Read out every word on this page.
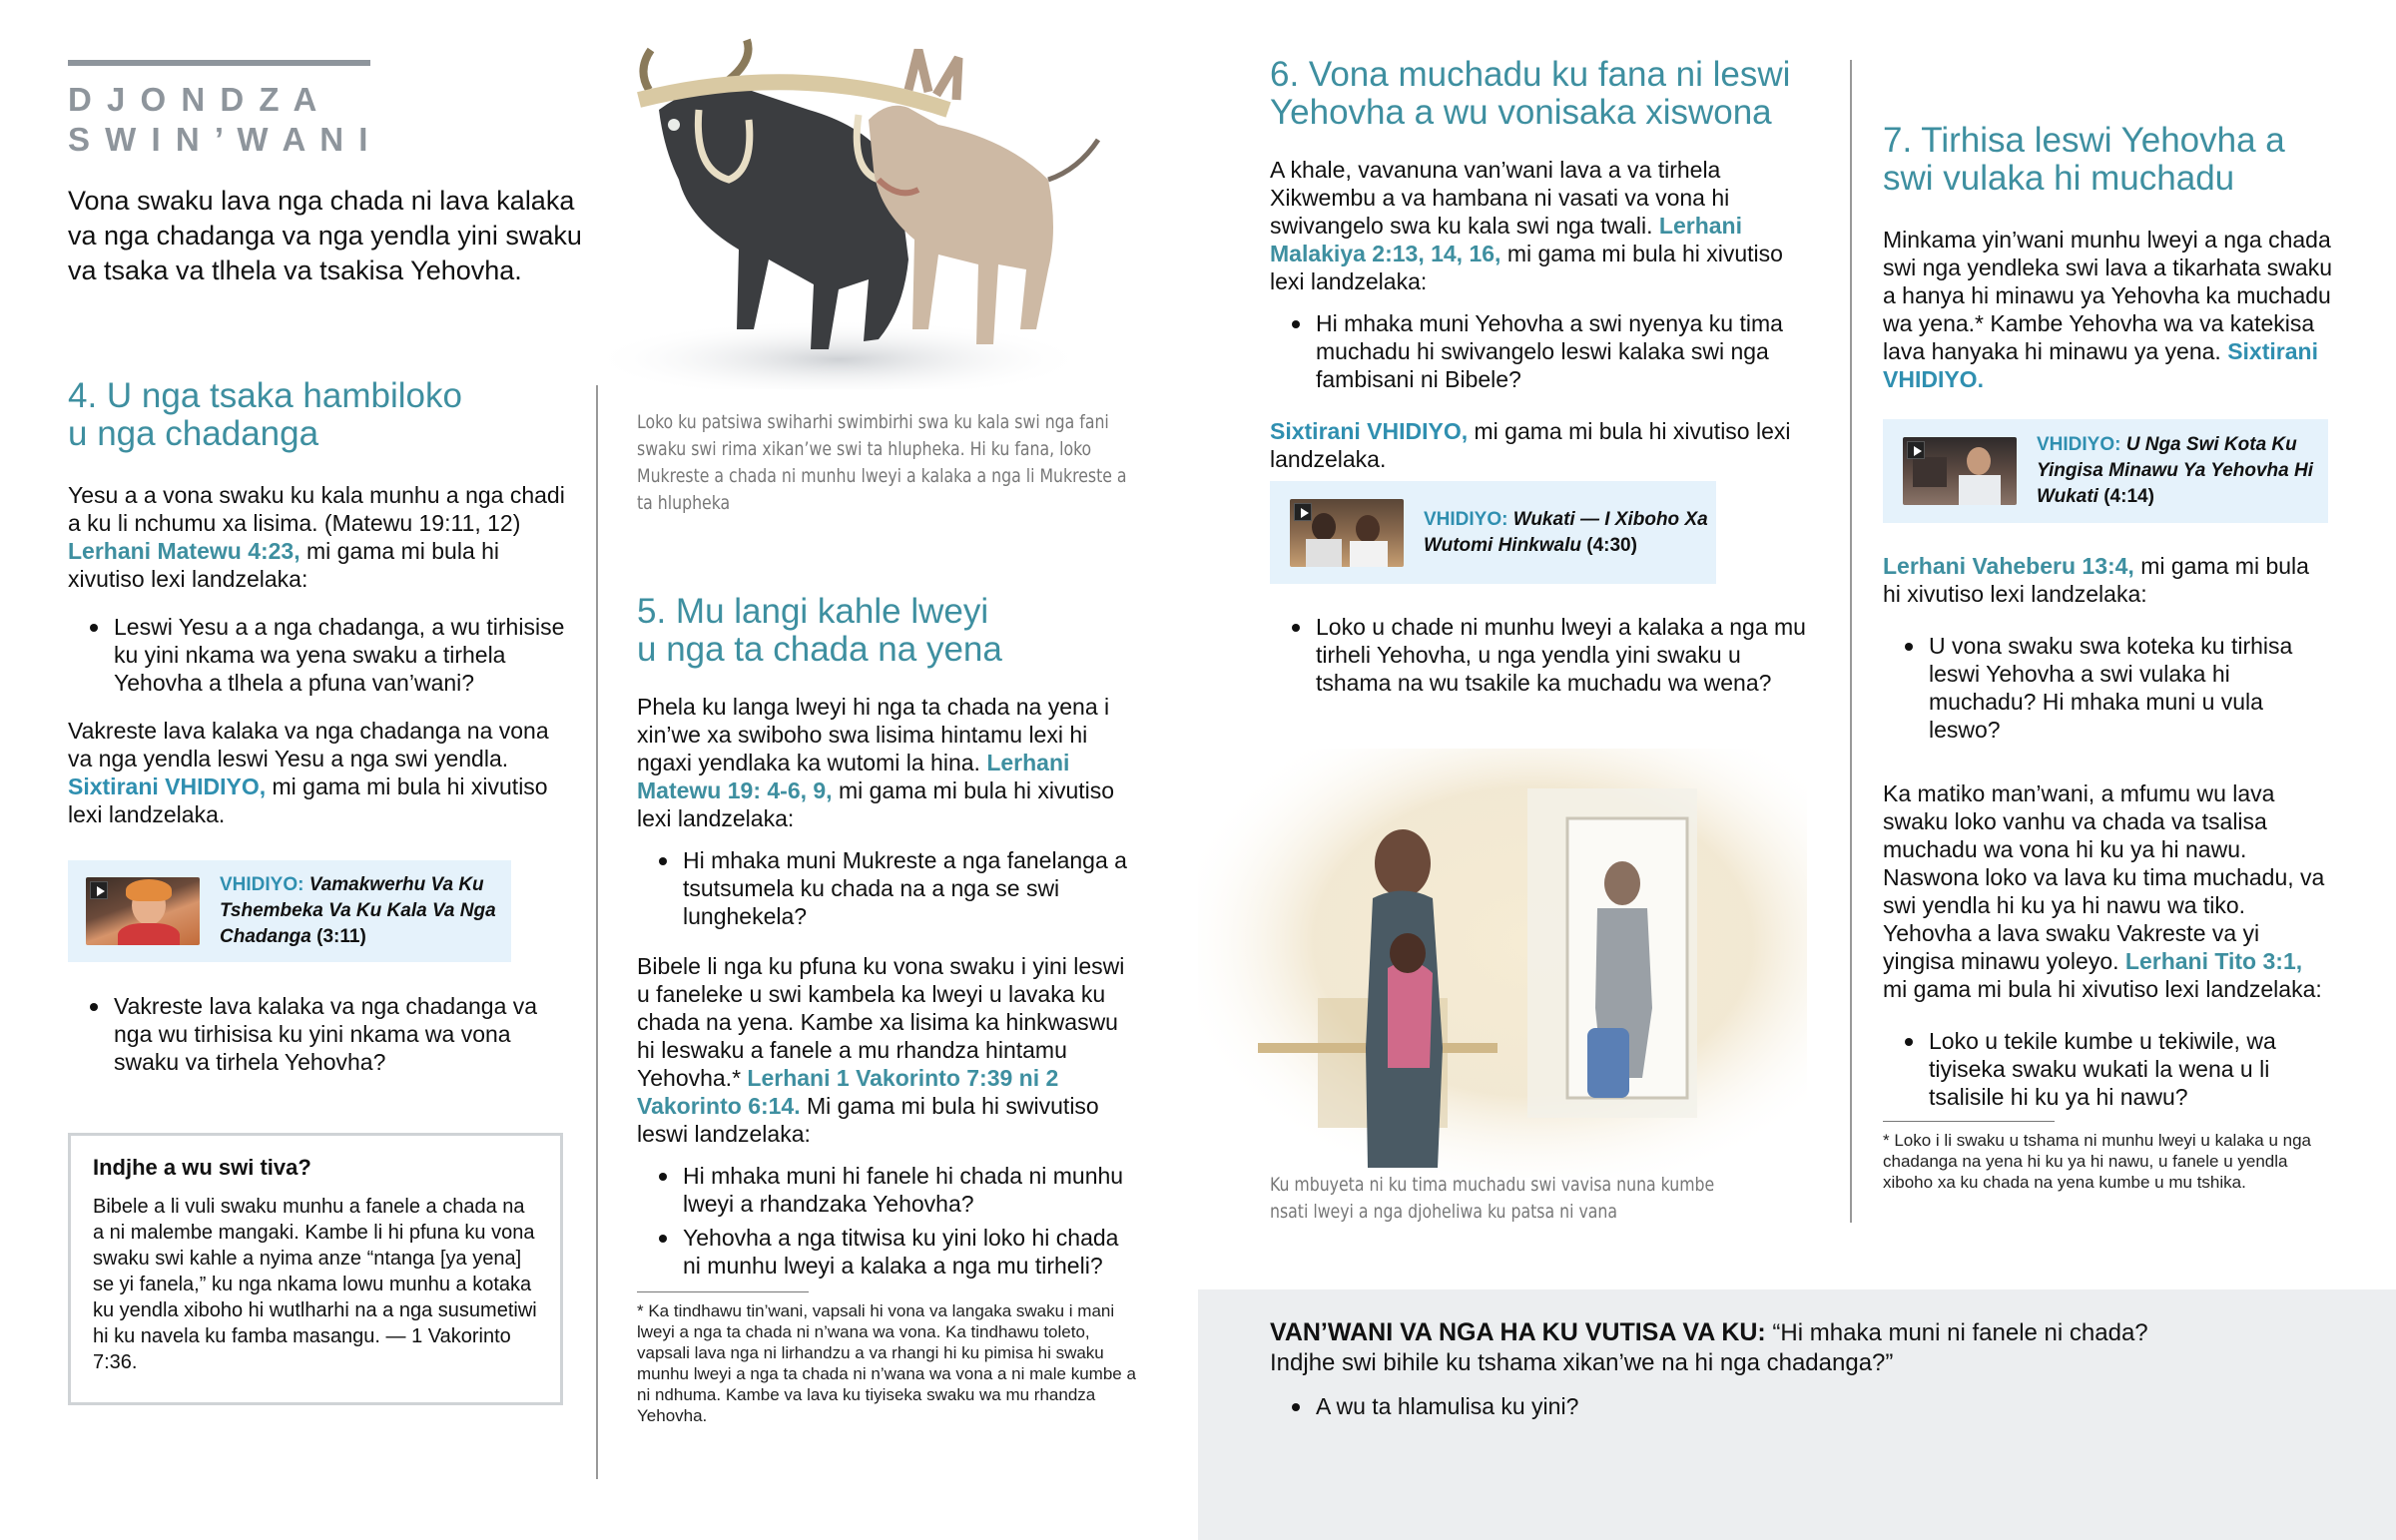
D J O N D Z A
S W I N ’ W A N I

Vona swaku lava nga chada ni lava kalaka va nga chadanga va nga yendla yini swaku va tsaka va tlhela va tsakisa Yehovha.

4. U nga tsaka hambiloko
u nga chadanga

Yesu a a vona swaku ku kala munhu a nga chadi a ku li nchumu xa lisima. (Matewu 19:11, 12) Lerhani Matewu 4:23, mi gama mi bula hi xivutiso lexi landzelaka:

Leswi Yesu a a nga chadanga, a wu tirhisise ku yini nkama wa yena swaku a tirhela Yehovha a tlhela a pfuna van’wani?

Vakreste lava kalaka va nga chadanga na vona va nga yendla leswi Yesu a nga swi yendla. Sixtirani VHIDIYO, mi gama mi bula hi xivutiso lexi landzelaka.

VHIDIYO: Vamakwerhu Va Ku Tshembeka Va Ku Kala Va Nga Chadanga (3:11)
Vakreste lava kalaka va nga chadanga va nga wu tirhisisa ku yini nkama wa vona swaku va tirhela Yehovha?
Indjhe a wu swi tiva?

Bibele a li vuli swaku munhu a fanele a chada na a ni malembe mangaki. Kambe li hi pfuna ku vona swaku swi kahle a nyima anze “ntanga [ya yena] se yi fanela,” ku nga nkama lowu munhu a kotaka ku yendla xiboho hi wutlharhi na a nga susumetiwi hi ku navela ku famba masangu. — 1 Vakorinto 7:36.

Loko ku patsiwa swiharhi swimbirhi swa ku kala swi nga fani swaku swi rima xikan’we swi ta hlupheka. Hi ku fana, loko Mukreste a chada ni munhu lweyi a kalaka a nga li Mukreste a ta hlupheka

5. Mu langi kahle lweyi
u nga ta chada na yena

Phela ku langa lweyi hi nga ta chada na yena i xin’we xa swiboho swa lisima hintamu lexi hi ngaxi yendlaka ka wutomi la hina. Lerhani Matewu 19: 4-6, 9, mi gama mi bula hi xivutiso lexi landzelaka:

Hi mhaka muni Mukreste a nga fanelanga a tsutsumela ku chada na a nga se swi lunghekela?

Bibele li nga ku pfuna ku vona swaku i yini leswi u faneleke u swi kambela ka lweyi u lavaka ku chada na yena. Kambe xa lisima ka hinkwaswu hi leswaku a fanele a mu rhandza hintamu Yehovha.* Lerhani 1 Vakorinto 7:39 ni 2 Vakorinto 6:14. Mi gama mi bula hi swivutiso leswi landzelaka:

Hi mhaka muni hi fanele hi chada ni munhu lweyi a rhandzaka Yehovha?
Yehovha a nga titwisa ku yini loko hi chada ni munhu lweyi a kalaka a nga mu tirheli?

* Ka tindhawu tin’wani, vapsali hi vona va langaka swaku i mani lweyi a nga ta chada ni n’wana wa vona. Ka tindhawu toleto, vapsali lava nga ni lirhandzu a va rhangi hi ku pimisa hi swaku munhu lweyi a nga ta chada ni n’wana wa vona a ni male kumbe a ni ndhuma. Kambe va lava ku tiyiseka swaku wa mu rhandza Yehovha.

6. Vona muchadu ku fana ni leswi
Yehovha a wu vonisaka xiswona

A khale, vavanuna van’wani lava a va tirhela Xikwembu a va hambana ni vasati va vona hi swivangelo swa ku kala swi nga twali. Lerhani Malakiya 2:13, 14, 16, mi gama mi bula hi xivutiso lexi landzelaka:

Hi mhaka muni Yehovha a swi nyenya ku tima muchadu hi swivangelo leswi kalaka swi nga fambisani ni Bibele?

Sixtirani VHIDIYO, mi gama mi bula hi xivutiso lexi landzelaka.

VHIDIYO: Wukati — I Xiboho Xa Wutomi Hinkwalu (4:30)
Loko u chade ni munhu lweyi a kalaka a nga mu tirheli Yehovha, u nga yendla yini swaku u tshama na wu tsakile ka muchadu wa wena?

Ku mbuyeta ni ku tima muchadu swi vavisa nuna kumbe nsati lweyi a nga djoheliwa ku patsa ni vana

7. Tirhisa leswi Yehovha a
swi vulaka hi muchadu

Minkama yin’wani munhu lweyi a nga chada swi nga yendleka swi lava a tikarhata swaku a hanya hi minawu ya Yehovha ka muchadu wa yena.* Kambe Yehovha wa va katekisa lava hanyaka hi minawu ya yena. Sixtirani VHIDIYO.

VHIDIYO: U Nga Swi Kota Ku Yingisa Minawu Ya Yehovha Hi Wukati (4:14)

Lerhani Vaheberu 13:4, mi gama mi bula hi xivutiso lexi landzelaka:

U vona swaku swa koteka ku tirhisa leswi Yehovha a swi vulaka hi muchadu? Hi mhaka muni u vula leswo?

Ka matiko man’wani, a mfumu wu lava swaku loko vanhu va chada va tsalisa muchadu wa vona hi ku ya hi nawu. Naswona loko va lava ku tima muchadu, va swi yendla hi ku ya hi nawu wa tiko. Yehovha a lava swaku Vakreste va yi yingisa minawu yoleyo. Lerhani Tito 3:1, mi gama mi bula hi xivutiso lexi landzelaka:

Loko u tekile kumbe u tekiwile, wa tiyiseka swaku wukati la wena u li tsalisile hi ku ya hi nawu?

* Loko i li swaku u tshama ni munhu lweyi u kalaka u nga chadanga na yena hi ku ya hi nawu, u fanele u yendla xiboho xa ku chada na yena kumbe u mu tshika.

VAN’WANI VA NGA HA KU VUTISA VA KU: “Hi mhaka muni ni fanele ni chada?
Indjhe swi bihile ku tshama xikan’we na hi nga chadanga?”

A wu ta hlamulisa ku yini?
